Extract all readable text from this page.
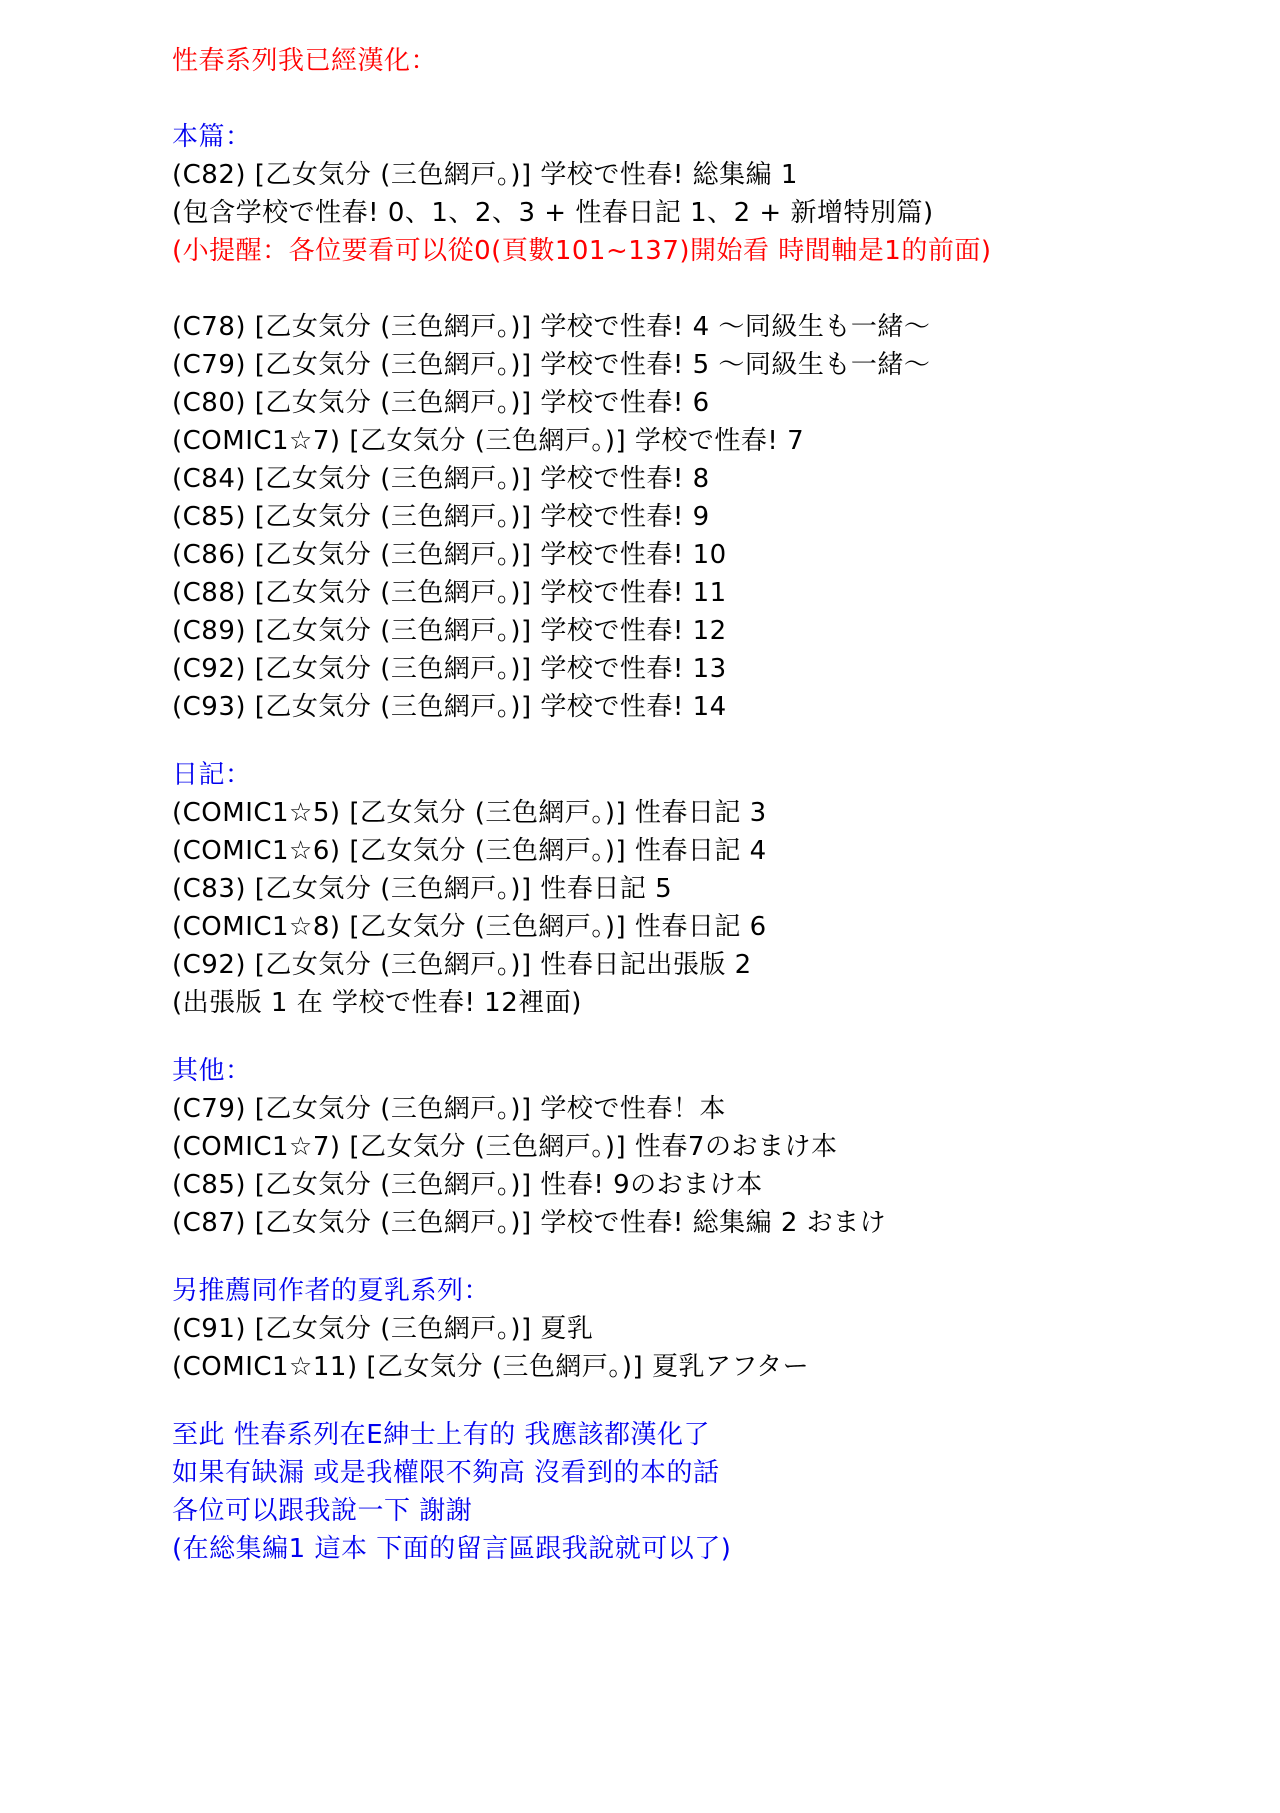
性春系列我已經漢化：
本篇：
(C82) [乙女気分 (三色網戸。)] 学校で性春! 総集編 1
(包含学校で性春! 0、1、2、3 + 性春日記 1、2 + 新增特別篇)
(小提醒：各位要看可以從0(頁數101~137)開始看 時間軸是1的前面)

(C78) [乙女気分 (三色網戸。)] 学校で性春! 4 ～同級生も一緒～
(C79) [乙女気分 (三色網戸。)] 学校で性春! 5 ～同級生も一緒～
(C80) [乙女気分 (三色網戸。)] 学校で性春! 6
(COMIC1☆7) [乙女気分 (三色網戸。)] 学校で性春! 7
(C84) [乙女気分 (三色網戸。)] 学校で性春! 8
(C85) [乙女気分 (三色網戸。)] 学校で性春! 9
(C86) [乙女気分 (三色網戸。)] 学校で性春! 10
(C88) [乙女気分 (三色網戸。)] 学校で性春! 11
(C89) [乙女気分 (三色網戸。)] 学校で性春! 12
(C92) [乙女気分 (三色網戸。)] 学校で性春! 13
(C93) [乙女気分 (三色網戸。)] 学校で性春! 14
日記：
(COMIC1☆5) [乙女気分 (三色網戸。)] 性春日記 3
(COMIC1☆6) [乙女気分 (三色網戸。)] 性春日記 4
(C83) [乙女気分 (三色網戸。)] 性春日記 5
(COMIC1☆8) [乙女気分 (三色網戸。)] 性春日記 6
(C92) [乙女気分 (三色網戸。)] 性春日記出張版 2
(出張版 1 在 学校で性春! 12裡面)
其他：
(C79) [乙女気分 (三色網戸。)] 学校で性春！本
(COMIC1☆7) [乙女気分 (三色網戸。)] 性春7のおまけ本
(C85) [乙女気分 (三色網戸。)] 性春! 9のおまけ本
(C87) [乙女気分 (三色網戸。)] 学校で性春! 総集編 2 おまけ
另推薦同作者的夏乳系列：
(C91) [乙女気分 (三色網戸。)] 夏乳
(COMIC1☆11) [乙女気分 (三色網戸。)] 夏乳アフター
至此 性春系列在E紳士上有的 我應該都漢化了
如果有缺漏 或是我權限不夠高 沒看到的本的話
各位可以跟我說一下 謝謝
(在総集編1 這本 下面的留言區跟我說就可以了)
